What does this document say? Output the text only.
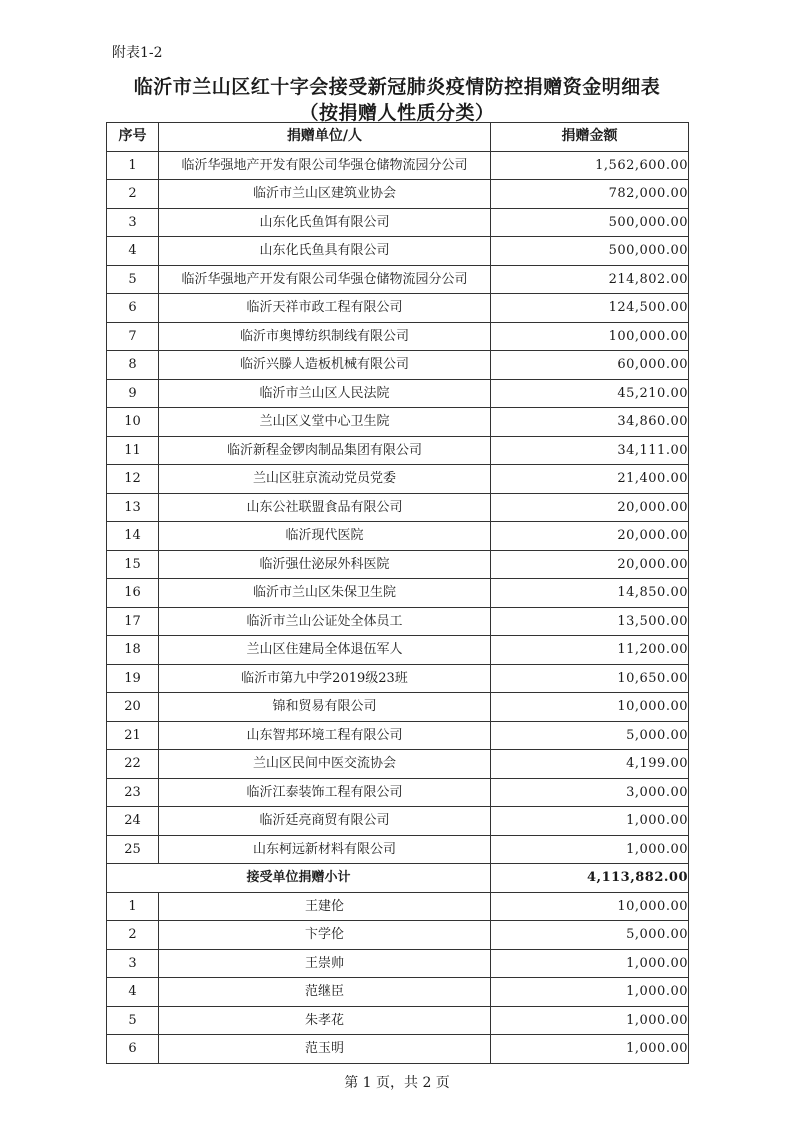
附表1-2
临沂市兰山区红十字会接受新冠肺炎疫情防控捐赠资金明细表
（按捐赠人性质分类）
序号	捐赠单位/人	捐赠金额
1	临沂华强地产开发有限公司华强仓储物流园分公司	1,562,600.00
2	临沂市兰山区建筑业协会	782,000.00
3	山东化氏鱼饵有限公司	500,000.00
4	山东化氏鱼具有限公司	500,000.00
5	临沂华强地产开发有限公司华强仓储物流园分公司	214,802.00
6	临沂天祥市政工程有限公司	124,500.00
7	临沂市奥博纺织制线有限公司	100,000.00
8	临沂兴滕人造板机械有限公司	60,000.00
9	临沂市兰山区人民法院	45,210.00
10	兰山区义堂中心卫生院	34,860.00
11	临沂新程金锣肉制品集团有限公司	34,111.00
12	兰山区驻京流动党员党委	21,400.00
13	山东公社联盟食品有限公司	20,000.00
14	临沂现代医院	20,000.00
15	临沂强仕泌尿外科医院	20,000.00
16	临沂市兰山区朱保卫生院	14,850.00
17	临沂市兰山公证处全体员工	13,500.00
18	兰山区住建局全体退伍军人	11,200.00
19	临沂市第九中学2019级23班	10,650.00
20	锦和贸易有限公司	10,000.00
21	山东智邦环境工程有限公司	5,000.00
22	兰山区民间中医交流协会	4,199.00
23	临沂江泰装饰工程有限公司	3,000.00
24	临沂廷亮商贸有限公司	1,000.00
25	山东柯远新材料有限公司	1,000.00
接受单位捐赠小计		4,113,882.00
1	王建伦	10,000.00
2	卞学伦	5,000.00
3	王崇帅	1,000.00
4	范继臣	1,000.00
5	朱孝花	1,000.00
6	范玉明	1,000.00
第 1 页，共 2 页
